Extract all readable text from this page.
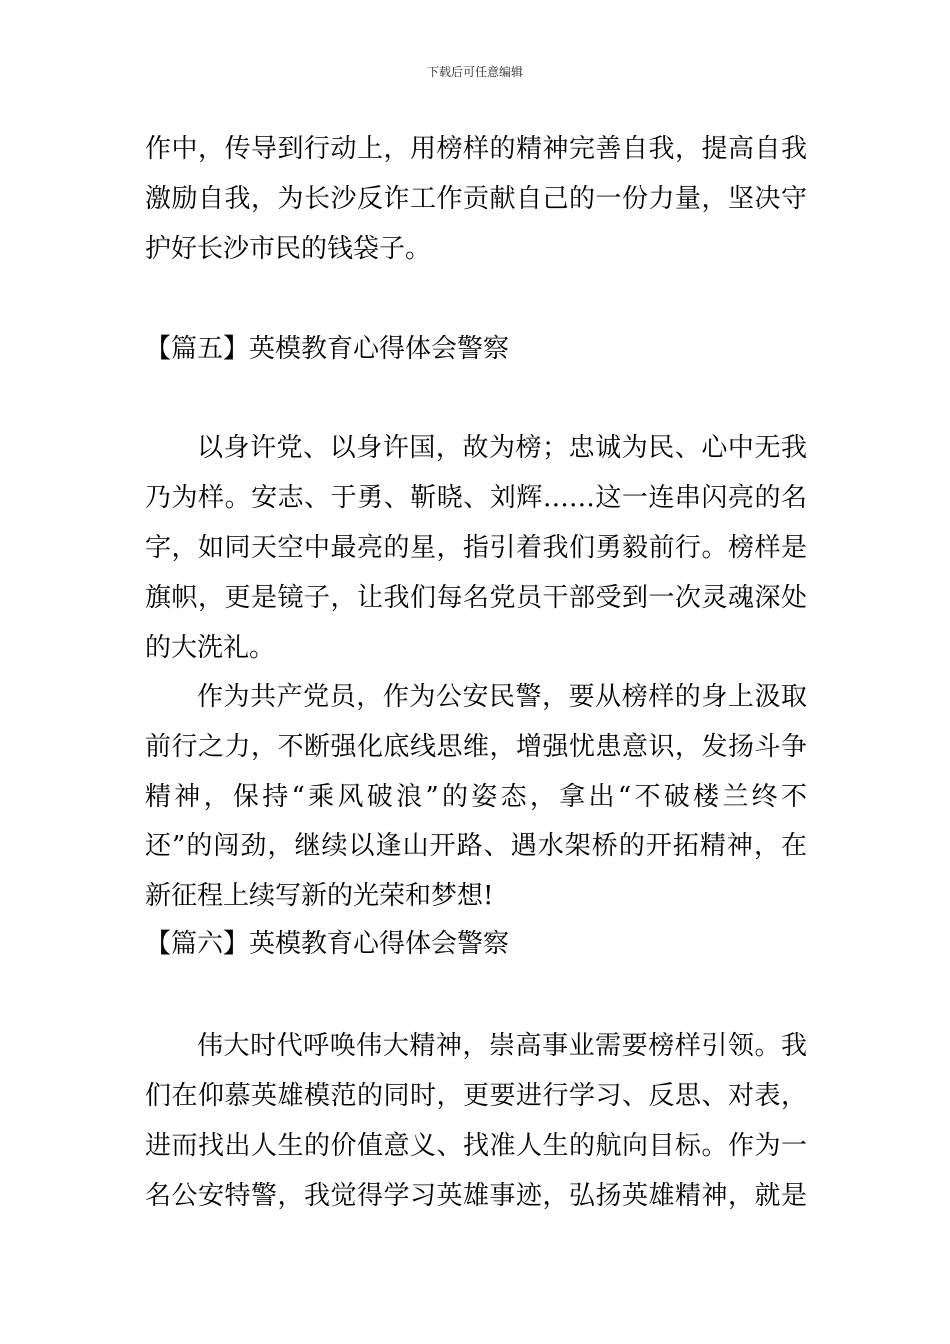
下载后可任意编辑
作中，传导到行动上，用榜样的精神完善自我，提高自我
激励自我，为长沙反诈工作贡献自己的一份力量，坚决守
护好长沙市民的钱袋子。
【篇五】英模教育心得体会警察
以身许党、以身许国，故为榜；忠诚为民、心中无我
乃为样。安志、于勇、靳晓、刘辉……这一连串闪亮的名
字，如同天空中最亮的星，指引着我们勇毅前行。榜样是
旗帜，更是镜子，让我们每名党员干部受到一次灵魂深处
的大洗礼。
作为共产党员，作为公安民警，要从榜样的身上汲取
前行之力，不断强化底线思维，增强忧患意识，发扬斗争
精神，保持“乘风破浪”的姿态，拿出“不破楼兰终不
还”的闯劲，继续以逢山开路、遇水架桥的开拓精神，在
新征程上续写新的光荣和梦想!
【篇六】英模教育心得体会警察
伟大时代呼唤伟大精神，崇高事业需要榜样引领。我
们在仰慕英雄模范的同时，更要进行学习、反思、对表，
进而找出人生的价值意义、找准人生的航向目标。作为一
名公安特警，我觉得学习英雄事迹，弘扬英雄精神，就是
